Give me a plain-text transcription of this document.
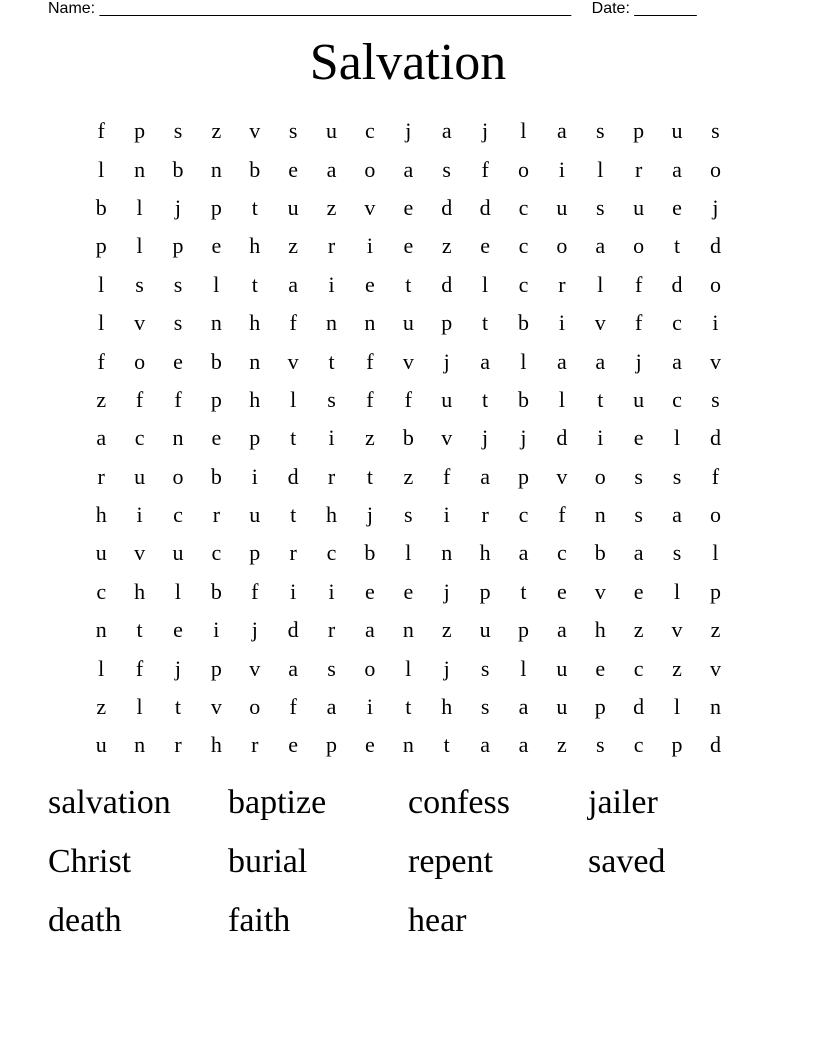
Name: _____________________________________________________ Date: _______
Salvation
f	p	s	z	v	s	u	c	j	a	j	l	a	s	p	u	s
l	n	b	n	b	e	a	o	a	s	f	o	i	l	r	a	o
b	l	j	p	t	u	z	v	e	d	d	c	u	s	u	e	j
p	l	p	e	h	z	r	i	e	z	e	c	o	a	o	t	d
l	s	s	l	t	a	i	e	t	d	l	c	r	l	f	d	o
l	v	s	n	h	f	n	n	u	p	t	b	i	v	f	c	i
f	o	e	b	n	v	t	f	v	j	a	l	a	a	j	a	v
z	f	f	p	h	l	s	f	f	u	t	b	l	t	u	c	s
a	c	n	e	p	t	i	z	b	v	j	j	d	i	e	l	d
r	u	o	b	i	d	r	t	z	f	a	p	v	o	s	s	f
h	i	c	r	u	t	h	j	s	i	r	c	f	n	s	a	o
u	v	u	c	p	r	c	b	l	n	h	a	c	b	a	s	l
c	h	l	b	f	i	i	e	e	j	p	t	e	v	e	l	p
n	t	e	i	j	d	r	a	n	z	u	p	a	h	z	v	z
l	f	j	p	v	a	s	o	l	j	s	l	u	e	c	z	v
z	l	t	v	o	f	a	i	t	h	s	a	u	p	d	l	n
u	n	r	h	r	e	p	e	n	t	a	a	z	s	c	p	d
salvation	baptize	confess	jailer
Christ	burial	repent	saved
death	faith	hear
